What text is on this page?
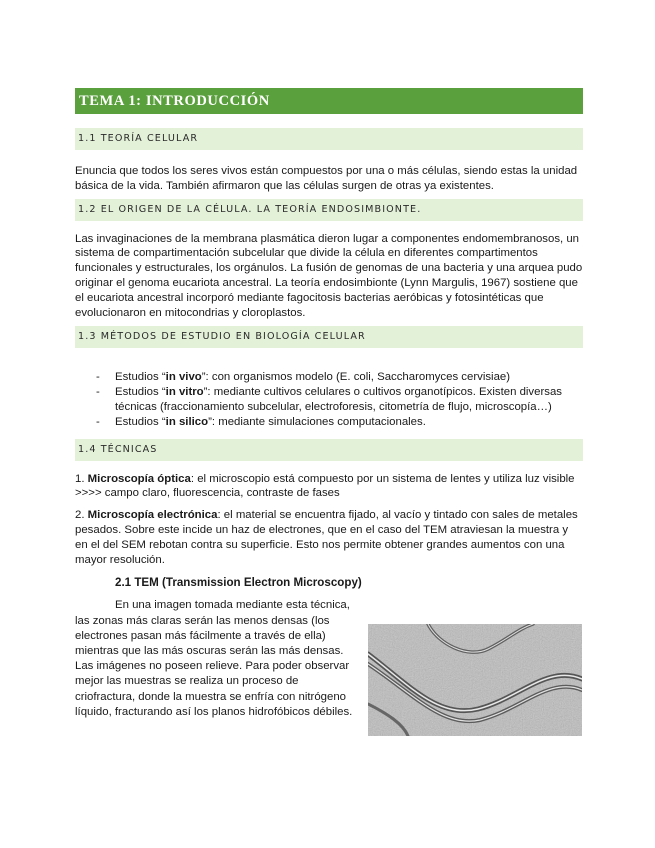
TEMA 1: INTRODUCCIÓN
1.1 TEORÍA CELULAR

Enuncia que todos los seres vivos están compuestos por una o más células, siendo estas la unidad básica de la vida. También afirmaron que las células surgen de otras ya existentes.

1.2 EL ORIGEN DE LA CÉLULA. LA TEORÍA ENDOSIMBIONTE.

Las invaginaciones de la membrana plasmática dieron lugar a componentes endomembranosos, un sistema de compartimentación subcelular que divide la célula en diferentes compartimentos funcionales y estructurales, los orgánulos. La fusión de genomas de una bacteria y una arquea pudo originar el genoma eucariota ancestral. La teoría endosimbionte (Lynn Margulis, 1967) sostiene que el eucariota ancestral incorporó mediante fagocitosis bacterias aeróbicas y fotosintéticas que evolucionaron en mitocondrias y cloroplastos.

1.3 MÉTODOS DE ESTUDIO EN BIOLOGÍA CELULAR
- Estudios “in vivo”: con organismos modelo (E. coli, Saccharomyces cervisiae)
- Estudios “in vitro”: mediante cultivos celulares o cultivos organotípicos. Existen diversas técnicas (fraccionamiento subcelular, electroforesis, citometría de flujo, microscopía…)
- Estudios “in silico”: mediante simulaciones computacionales.
1.4 TÉCNICAS

1. Microscopía óptica: el microscopio está compuesto por un sistema de lentes y utiliza luz visible >>>> campo claro, fluorescencia, contraste de fases

2. Microscopía electrónica: el material se encuentra fijado, al vacío y tintado con sales de metales pesados. Sobre este incide un haz de electrones, que en el caso del TEM atraviesan la muestra y en el del SEM rebotan contra su superficie. Esto nos permite obtener grandes aumentos con una mayor resolución.

2.1 TEM (Transmission Electron Microscopy)

En una imagen tomada mediante esta técnica, las zonas más claras serán las menos densas (los electrones pasan más fácilmente a través de ella) mientras que las más oscuras serán las más densas. Las imágenes no poseen relieve. Para poder observar mejor las muestras se realiza un proceso de criofractura, donde la muestra se enfría con nitrógeno líquido, fracturando así los planos hidrofóbicos débiles.
